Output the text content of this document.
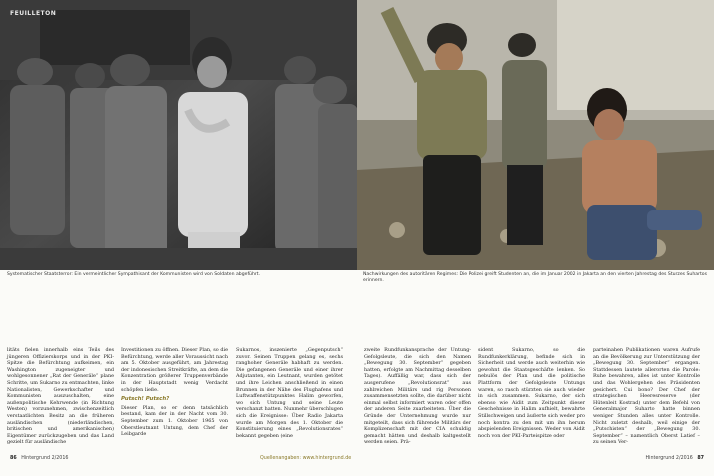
FEUILLETON
Systematischer Staatsterror: Ein vermeintlicher Sympathisant der Kommunisten wird von Soldaten abgeführt.	Nachwirkungen des autoritären Regimes: Die Polizei greift Studenten an, die im Januar 2002 in Jakarta an den vierten Jahrestag des Sturzes Suhartos erinnern.

litäts fielen innerhalb eins Teils des jüngeren Offizierskorps und in der PKI-Spitze die Befürchtung aufkeimen, ein Washington zugeneigter und wohlgesonnener „Rat der Generäle“ plane Schritte, um Sukarno zu entmachten, linke Nationalisten, Gewerkschafter und Kommunisten auszuschalten, eine außenpolitische Kehrwende (in Richtung Westen) vorzunehmen, zwischenzeitlich verstaatlichten Besitz an die früheren ausländischen (niederländischen, britischen und amerikanischen) Eigentümer zurückzugeben und das Land gezielt für ausländische

Investitionen zu öffnen. Dieser Plan, so die Befürchtung, werde aller Voraussicht nach am 5. Oktober ausgeführt, am Jahrestag der indonesischen Streitkräfte, an dem die Konzentration größerer Truppenverbände in der Hauptstadt wenig Verdacht schöpfen ließe.

Putsch! Putsch?

Dieser Plan, so er denn tatsächlich bestand, kam der in der Nacht vom 30. September zum 1. Oktober 1965 von Oberstleutnant Untung, dem Chef der Leibgarde

Sukarnos, inszenierte „Gegenputsch“ zuvor. Seinen Truppen gelang es, sechs ranghoher Generäle habhaft zu werden. Die gefangenen Generäle und einer ihrer Adjutanten, ein Leutnant, wurden getötet und ihre Leichen anschließend in einen Brunnen in der Nähe des Flughafens und Luftwaffenstützpunktes Halim geworfen, wo sich Untung und seine Leute verschanzt hatten. Nunmehr überschlugen sich die Ereignisse: Über Radio Jakarta wurde am Morgen des 1. Oktober die Konstituierung eines „Revolutionsrates“ bekannt gegeben (eine

zweite Rundfunkansprache der Untung-Gefolgsleute, die sich den Namen „Bewegung 30. September“ gegeben hatten, erfolgte am Nachmittag desselben Tages). Auffällig war, dass sich der ausgerufene „Revolutionsrat“ aus zahlreichen Militärs und rig Personen zusammensetzten sollte, die darüber nicht einmal selbst informiert waren oder offen der anderen Seite zuarbeiteten. Über die Gründe der Unternehmung wurde nur mitgeteilt, dass sich führende Militärs der Komplizenschaft mit der CIA schuldig gemacht hätten und deshalb kaltgestellt werden seien. Prä-

sident Sukarno, so die Rundfunkerklärung, befinde sich in Sicherheit und werde auch weiterhin wie gewohnt die Staatsgeschäfte lenken. So nebulös der Plan und die politische Plattform der Gefolgsleute Untungs waren, so rasch stürzten sie auch wieder in sich zusammen. Sukarno, der sich ebenso wie Aidit zum Zeitpunkt dieser Geschehnisse in Halim aufhielt, bewahrte Stillschweigen und äußerte sich weder pro noch kontra zu den mit um ihn herum abspielenden Ereignissen. Weder von Aidit noch von der PKI-Parteispitze oder

parteinahen Publikationen waren Aufrufe an die Bevölkerung zur Unterstützung der „Bewegung 30. September“ ergangen. Stattdessen lautete allerorten die Parole: Ruhe bewahren, alles ist unter Kontrolle und das Wohlergehen des Präsidenten gesichert. Cui bono? Der Chef der strategischen Heeresreserve (der Hütenleit Kostrad) unter dem Befehl von Generalmajor Suharto hatte binnen weniger Stunden alles unter Kontrolle. Nicht zuletzt deshalb, weil einige der „Putschisten“ der „Bewegung 30. September“ – namentlich Oberst Latief – zu seinen Ver-

86 Hintergrund 2/2016	Quellenangaben: www.hintergrund.de	Hintergrund 2/2016 87
